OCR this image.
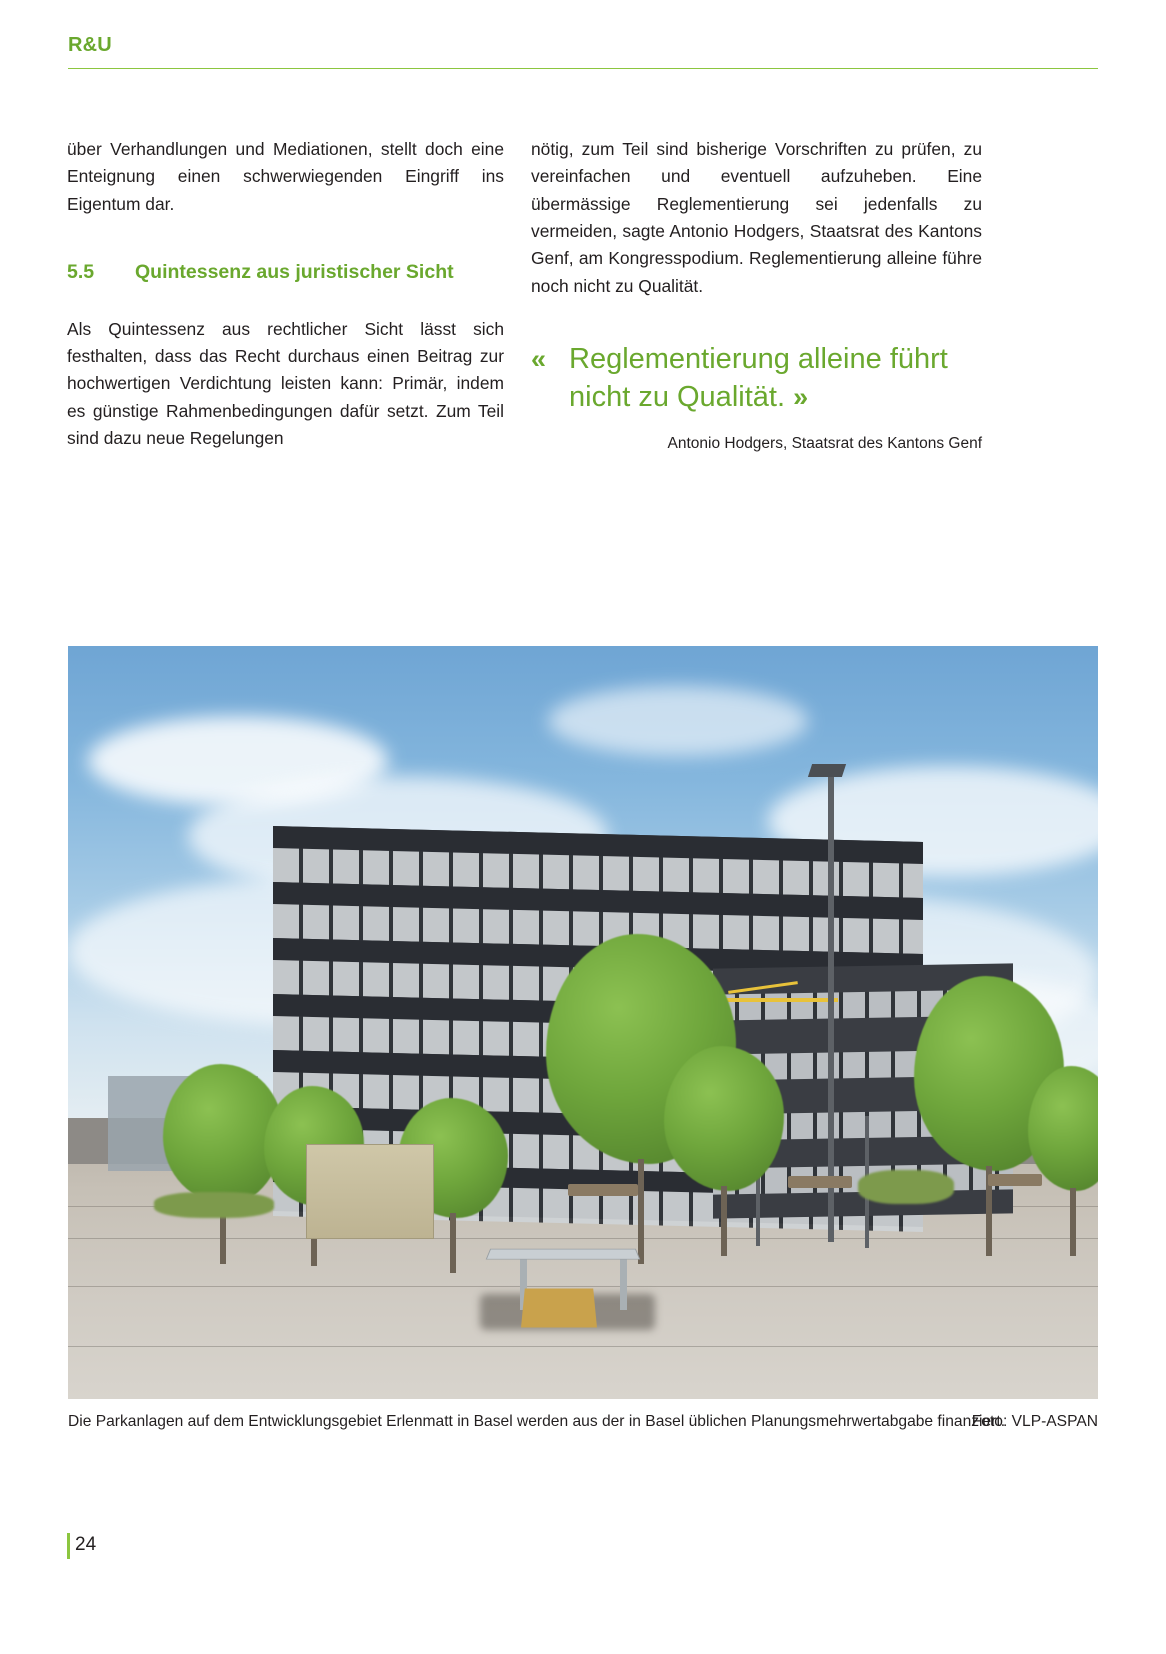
R&U

über Verhandlungen und Mediationen, stellt doch eine Enteignung einen schwerwiegenden Eingriff ins Eigentum dar.

5.5	Quintessenz aus juristischer Sicht

Als Quintessenz aus rechtlicher Sicht lässt sich festhalten, dass das Recht durchaus einen Beitrag zur hochwertigen Verdichtung leisten kann: Primär, indem es günstige Rahmenbedingungen dafür setzt. Zum Teil sind dazu neue Regelungen

nötig, zum Teil sind bisherige Vorschriften zu prüfen, zu vereinfachen und eventuell aufzuheben. Eine übermässige Reglementierung sei jedenfalls zu vermeiden, sagte Antonio Hodgers, Staatsrat des Kantons Genf, am Kongresspodium. Reglementierung alleine führe noch nicht zu Qualität.

« Reglementierung alleine führt nicht zu Qualität. »
Antonio Hodgers, Staatsrat des Kantons Genf
Die Parkanlagen auf dem Entwicklungsgebiet Erlenmatt in Basel werden aus der in Basel üblichen Planungsmehrwertabgabe finanziert.
Foto: VLP-ASPAN
24
